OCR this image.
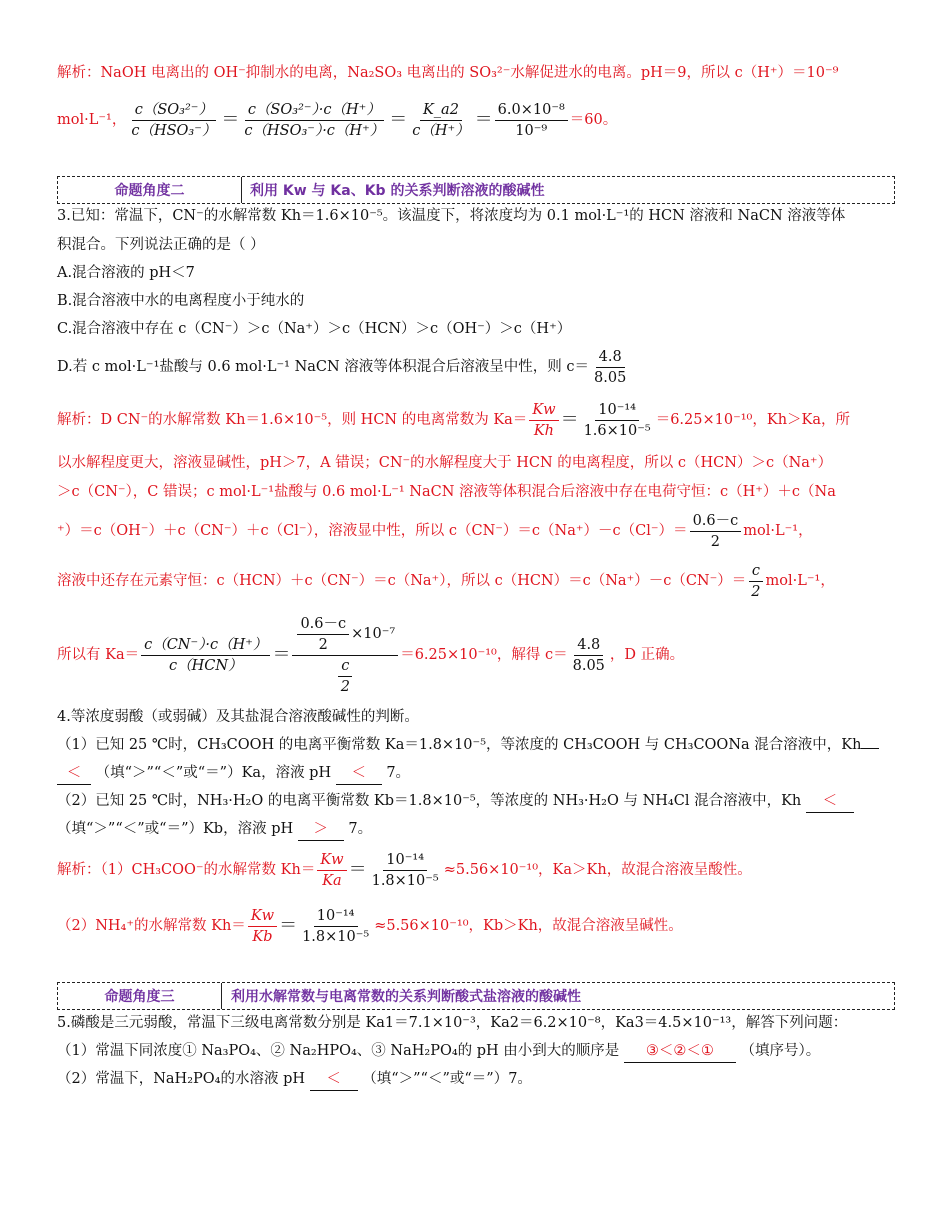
解析：NaOH 电离出的 OH⁻抑制水的电离，Na₂SO₃ 电离出的 SO₃²⁻水解促进水的电离。pH＝9，所以 c（H⁺）＝10⁻⁹
mol·L⁻¹， $\frac{\text{c（SO₃²⁻）}}{\text{c（HSO₃⁻）}} = \frac{\text{c（SO₃²⁻）·c（H⁺）}}{\text{c（HSO₃⁻）·c（H⁺）}} = \frac{K\_a2}{c(H^+)} = \frac{\text{6.0×10⁻⁸}}{\text{10⁻⁹}} =60$。
命题角度二	利用 Kw 与 Ka、Kb 的关系判断溶液的酸碱性
3.已知：常温下，CN⁻的水解常数 Kh＝1.6×10⁻⁵。该温度下，将浓度均为 0.1 mol·L⁻¹的 HCN 溶液和 NaCN 溶液等体
积混合。下列说法正确的是（ ）
A.混合溶液的 pH＜7
B.混合溶液中水的电离程度小于纯水的
C.混合溶液中存在 c（CN⁻）＞c（Na⁺）＞c（HCN）＞c（OH⁻）＞c（H⁺）
D.若 c mol·L⁻¹盐酸与 0.6 mol·L⁻¹ NaCN 溶液等体积混合后溶液呈中性，则 $c= \frac{4.8}{8.05}$
解析：D CN⁻的水解常数 Kh＝1.6×10⁻⁵，则 HCN 的电离常数为 $Ka= \frac{Kw}{Kh} = \frac{\text{10⁻¹⁴}}{\text{1.6×10⁻⁵}} =6.25\times 10^{-10}$，Kh＞Ka，所
以水解程度更大，溶液显碱性，pH＞7，A 错误；CN⁻的水解程度大于 HCN 的电离程度，所以 c（HCN）＞c（Na⁺）
＞c（CN⁻），C 错误；c mol·L⁻¹盐酸与 0.6 mol·L⁻¹ NaCN 溶液等体积混合后溶液中存在电荷守恒：c（H⁺）＋c（Na
⁺）＝c（OH⁻）＋c（CN⁻）＋c（Cl⁻），溶液显中性，所以 $c(CN^-)=c(Na^+)-c(Cl^-)= \frac{0.6-c}{2} mol\cdot L^{-1}$，
溶液中还存在元素守恒：c（HCN）＋c（CN⁻）＝c（Na⁺），所以 $c(HCN)=c(Na^+)-c(CN^-)= \frac{c}{2} mol\cdot L^{-1}$，
所以有 $Ka= \frac{c(CN^-)\cdot c(H^+)}{\text{c（HCN）}} = \frac{\frac{0.6-c}{2} \times 10^{-7}}{\frac{c}{2}} =6.25\times 10^{-10}$，解得 $c= \frac{4.8}{8.05}$ ，D 正确。
4.等浓度弱酸（或弱碱）及其盐混合溶液酸碱性的判断。
（1）已知 25 ℃时，CH₃COOH 的电离平衡常数 Ka＝1.8×10⁻⁵，等浓度的 CH₃COOH 与 CH₃COONa 混合溶液中，Kh
＜ （填“＞”“＜”或“＝”）Ka，溶液 pH ＜ 7。
（2）已知 25 ℃时，NH₃·H₂O 的电离平衡常数 Kb＝1.8×10⁻⁵，等浓度的 NH₃·H₂O 与 NH₄Cl 混合溶液中，Kh ＜
（填“＞”“＜”或“＝”）Kb，溶液 pH ＞ 7。
解析：（1）CH₃COO⁻的水解常数 $Kh= \frac{Kw}{Ka} = \frac{\text{10⁻¹⁴}}{\text{1.8×10⁻⁵}} \approx 5.56\times 10^{-10}$，Ka＞Kh，故混合溶液呈酸性。
（2）NH₄⁺的水解常数 $Kh= \frac{Kw}{Kb} = \frac{\text{10⁻¹⁴}}{\text{1.8×10⁻⁵}} \approx 5.56\times 10^{-10}$，Kb＞Kh，故混合溶液呈碱性。
命题角度三	利用水解常数与电离常数的关系判断酸式盐溶液的酸碱性
5.磷酸是三元弱酸，常温下三级电离常数分别是 Ka1＝7.1×10⁻³，Ka2＝6.2×10⁻⁸，Ka3＝4.5×10⁻¹³，解答下列问题：
（1）常温下同浓度① Na₃PO₄、② Na₂HPO₄、③ NaH₂PO₄的 pH 由小到大的顺序是 ③＜②＜① （填序号）。
（2）常温下，NaH₂PO₄的水溶液 pH ＜ （填“＞”“＜”或“＝”）7。
